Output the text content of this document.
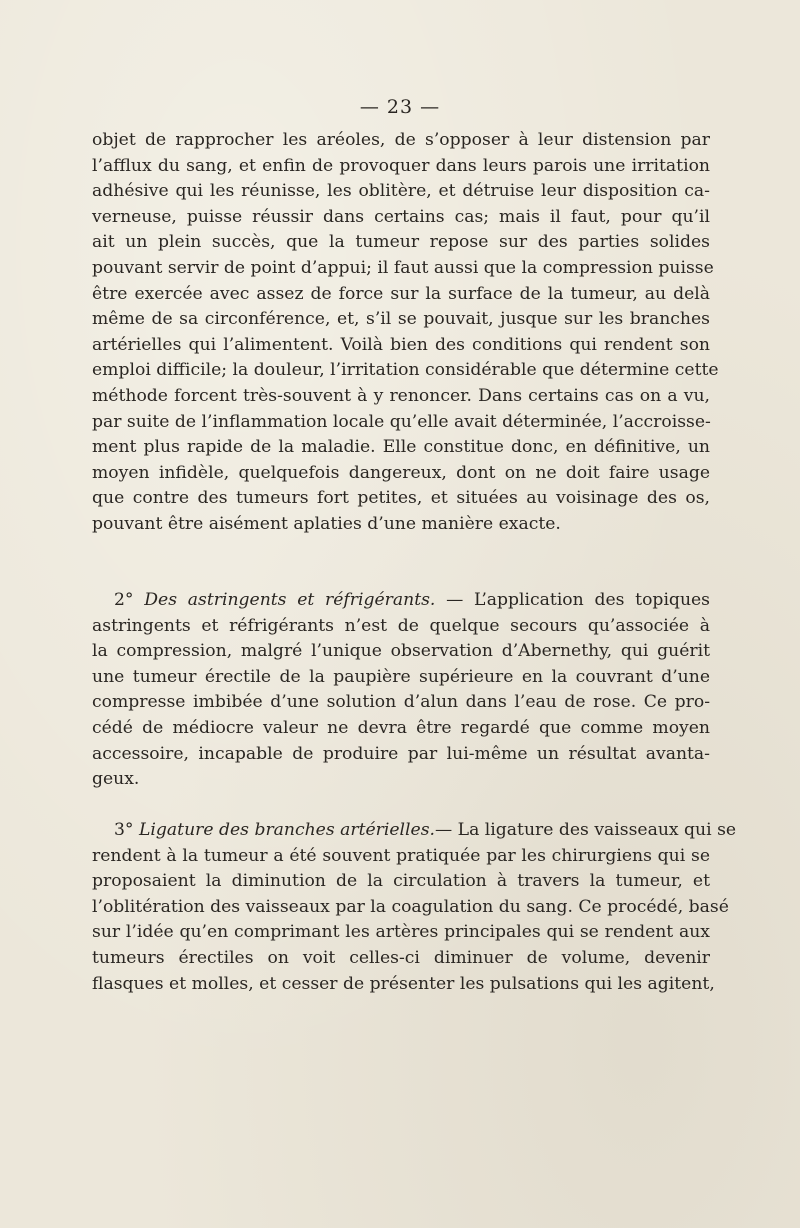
— 23 —
objet de rapprocher les aréoles, de s’opposer à leur distension par
l’afflux du sang, et enfin de provoquer dans leurs parois une irritation
adhésive qui les réunisse, les oblitère, et détruise leur disposition ca-
verneuse, puisse réussir dans certains cas; mais il faut, pour qu’il
ait un plein succès, que la tumeur repose sur des parties solides
pouvant servir de point d’appui; il faut aussi que la compression puisse
être exercée avec assez de force sur la surface de la tumeur, au delà
même de sa circonférence, et, s’il se pouvait, jusque sur les branches
artérielles qui l’alimentent. Voilà bien des conditions qui rendent son
emploi difficile; la douleur, l’irritation considérable que détermine cette
méthode forcent très-souvent à y renoncer. Dans certains cas on a vu,
par suite de l’inflammation locale qu’elle avait déterminée, l’accroisse-
ment plus rapide de la maladie. Elle constitue donc, en définitive, un
moyen infidèle, quelquefois dangereux, dont on ne doit faire usage
que contre des tumeurs fort petites, et situées au voisinage des os,
pouvant être aisément aplaties d’une manière exacte.
2° Des astringents et réfrigérants. — L’application des topiques
astringents et réfrigérants n’est de quelque secours qu’associée à
la compression, malgré l’unique observation d’Abernethy, qui guérit
une tumeur érectile de la paupière supérieure en la couvrant d’une
compresse imbibée d’une solution d’alun dans l’eau de rose. Ce pro-
cédé de médiocre valeur ne devra être regardé que comme moyen
accessoire, incapable de produire par lui-même un résultat avanta-
geux.
3° Ligature des branches artérielles.— La ligature des vaisseaux qui se
rendent à la tumeur a été souvent pratiquée par les chirurgiens qui se
proposaient la diminution de la circulation à travers la tumeur, et
l’oblitération des vaisseaux par la coagulation du sang. Ce procédé, basé
sur l’idée qu’en comprimant les artères principales qui se rendent aux
tumeurs érectiles on voit celles-ci diminuer de volume, devenir
flasques et molles, et cesser de présenter les pulsations qui les agitent,
